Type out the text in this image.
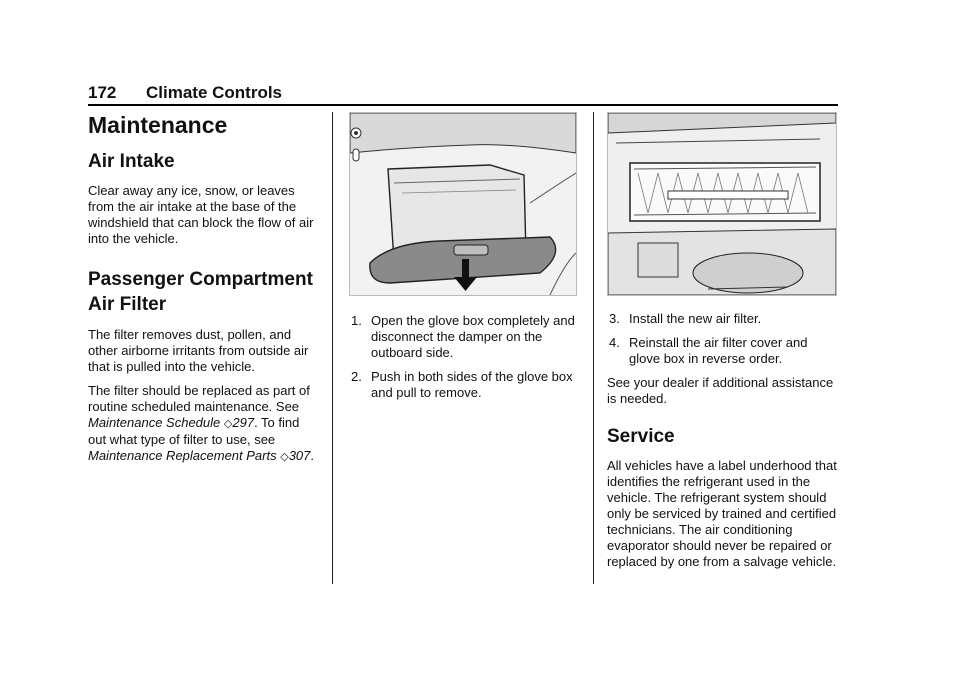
172 Climate Controls
Maintenance
Air Intake

Clear away any ice, snow, or leaves from the air intake at the base of the windshield that can block the flow of air into the vehicle.

Passenger Compartment Air Filter

The filter removes dust, pollen, and other airborne irritants from outside air that is pulled into the vehicle.

The filter should be replaced as part of routine scheduled maintenance. See Maintenance Schedule ◇297. To find out what type of filter to use, see Maintenance Replacement Parts ◇307.

1. Open the glove box completely and disconnect the damper on the outboard side.
2. Push in both sides of the glove box and pull to remove.
3. Install the new air filter.
4. Reinstall the air filter cover and glove box in reverse order.

See your dealer if additional assistance is needed.

Service

All vehicles have a label underhood that identifies the refrigerant used in the vehicle. The refrigerant system should only be serviced by trained and certified technicians. The air conditioning evaporator should never be repaired or replaced by one from a salvage vehicle.
